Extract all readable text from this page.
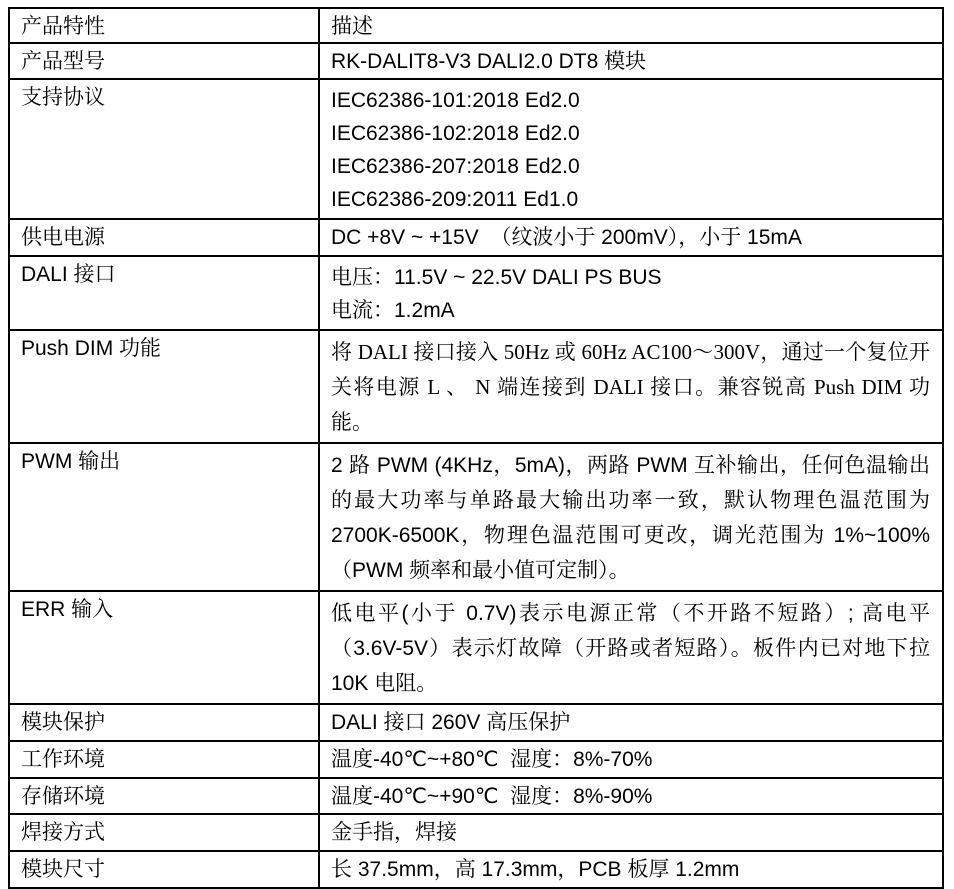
产品特性	描述
产品型号	RK-DALIT8-V3 DALI2.0 DT8 模块
支持协议	IEC62386-101:2018 Ed2.0
IEC62386-102:2018 Ed2.0
IEC62386-207:2018 Ed2.0
IEC62386-209:2011 Ed1.0
供电电源	DC +8V ~ +15V  （纹波小于 200mV），小于 15mA
DALI 接口	电压：11.5V ~ 22.5V DALI PS BUS
电流：1.2mA
Push DIM 功能	将 DALI 接口接入 50Hz 或 60Hz AC100～300V，通过一个复位开关将电源 L 、 N 端连接到 DALI 接口。兼容锐高 Push DIM 功能。
PWM 输出	2 路 PWM (4KHz，5mA)，两路 PWM 互补输出，任何色温输出的最大功率与单路最大输出功率一致，默认物理色温范围为 2700K-6500K，物理色温范围可更改，调光范围为 1%~100%（PWM 频率和最小值可定制）。
ERR 输入	低电平(小于 0.7V)表示电源正常（不开路不短路）; 高电平（3.6V-5V）表示灯故障（开路或者短路）。板件内已对地下拉 10K 电阻。
模块保护	DALI 接口 260V 高压保护
工作环境	温度-40℃~+80℃  湿度：8%-70%
存储环境	温度-40℃~+90℃  湿度：8%-90%
焊接方式	金手指，焊接
模块尺寸	长 37.5mm，高 17.3mm，PCB 板厚 1.2mm
